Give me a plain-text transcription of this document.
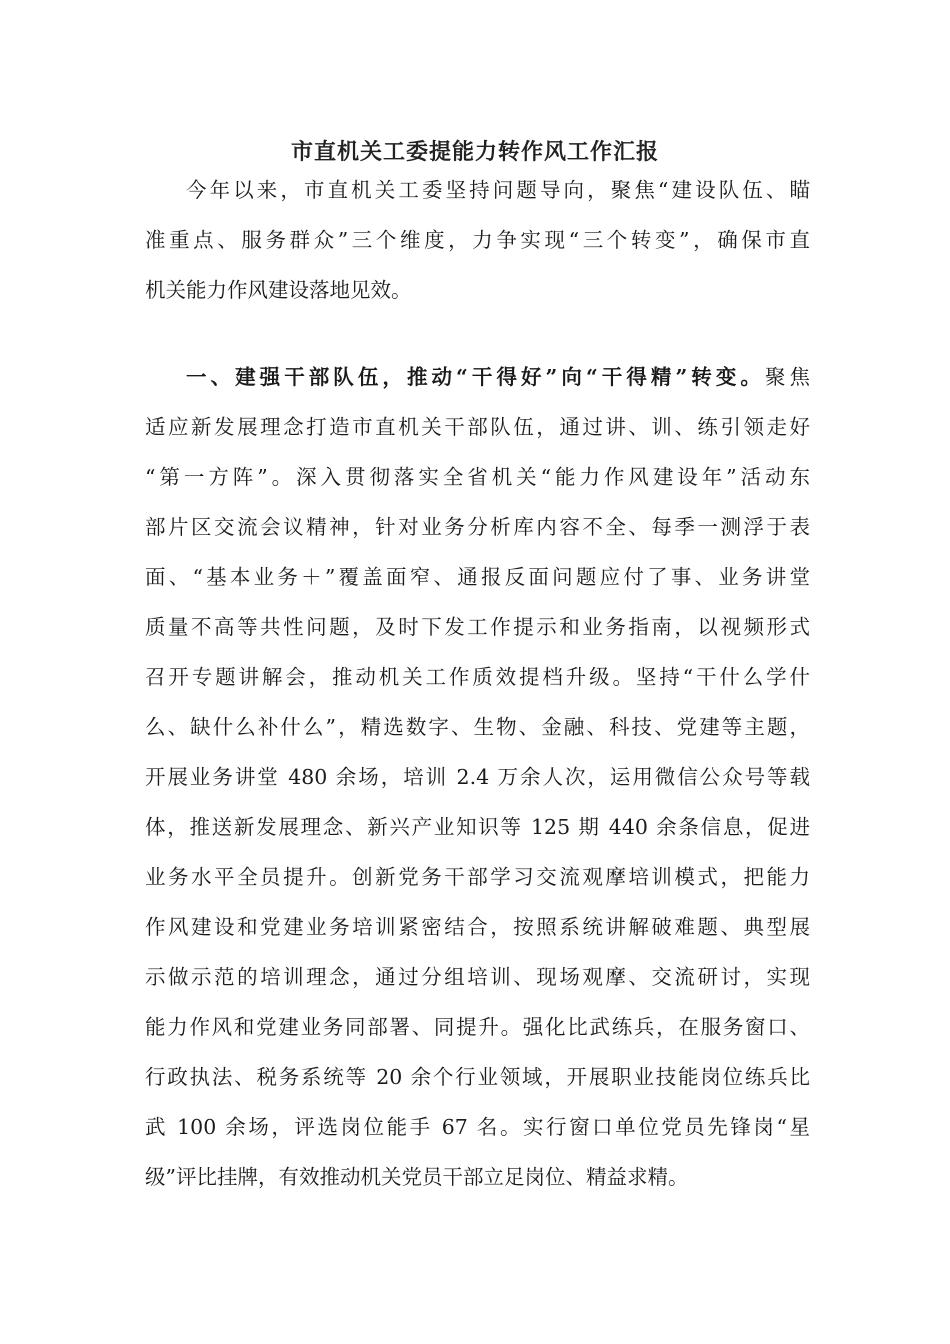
市直机关工委提能力转作风工作汇报
今年以来，市直机关工委坚持问题导向，聚焦“建设队伍、瞄
准重点、服务群众”三个维度，力争实现“三个转变”，确保市直
机关能力作风建设落地见效。
一、建强干部队伍，推动“干得好”向“干得精”转变。聚焦
适应新发展理念打造市直机关干部队伍，通过讲、训、练引领走好
“第一方阵”。深入贯彻落实全省机关“能力作风建设年”活动东
部片区交流会议精神，针对业务分析库内容不全、每季一测浮于表
面、“基本业务＋”覆盖面窄、通报反面问题应付了事、业务讲堂
质量不高等共性问题，及时下发工作提示和业务指南，以视频形式
召开专题讲解会，推动机关工作质效提档升级。坚持“干什么学什
么、缺什么补什么”，精选数字、生物、金融、科技、党建等主题，
开展业务讲堂 480 余场，培训 2.4 万余人次，运用微信公众号等载
体，推送新发展理念、新兴产业知识等 125 期 440 余条信息，促进
业务水平全员提升。创新党务干部学习交流观摩培训模式，把能力
作风建设和党建业务培训紧密结合，按照系统讲解破难题、典型展
示做示范的培训理念，通过分组培训、现场观摩、交流研讨，实现
能力作风和党建业务同部署、同提升。强化比武练兵，在服务窗口、
行政执法、税务系统等 20 余个行业领域，开展职业技能岗位练兵比
武 100 余场，评选岗位能手 67 名。实行窗口单位党员先锋岗“星
级”评比挂牌，有效推动机关党员干部立足岗位、精益求精。
